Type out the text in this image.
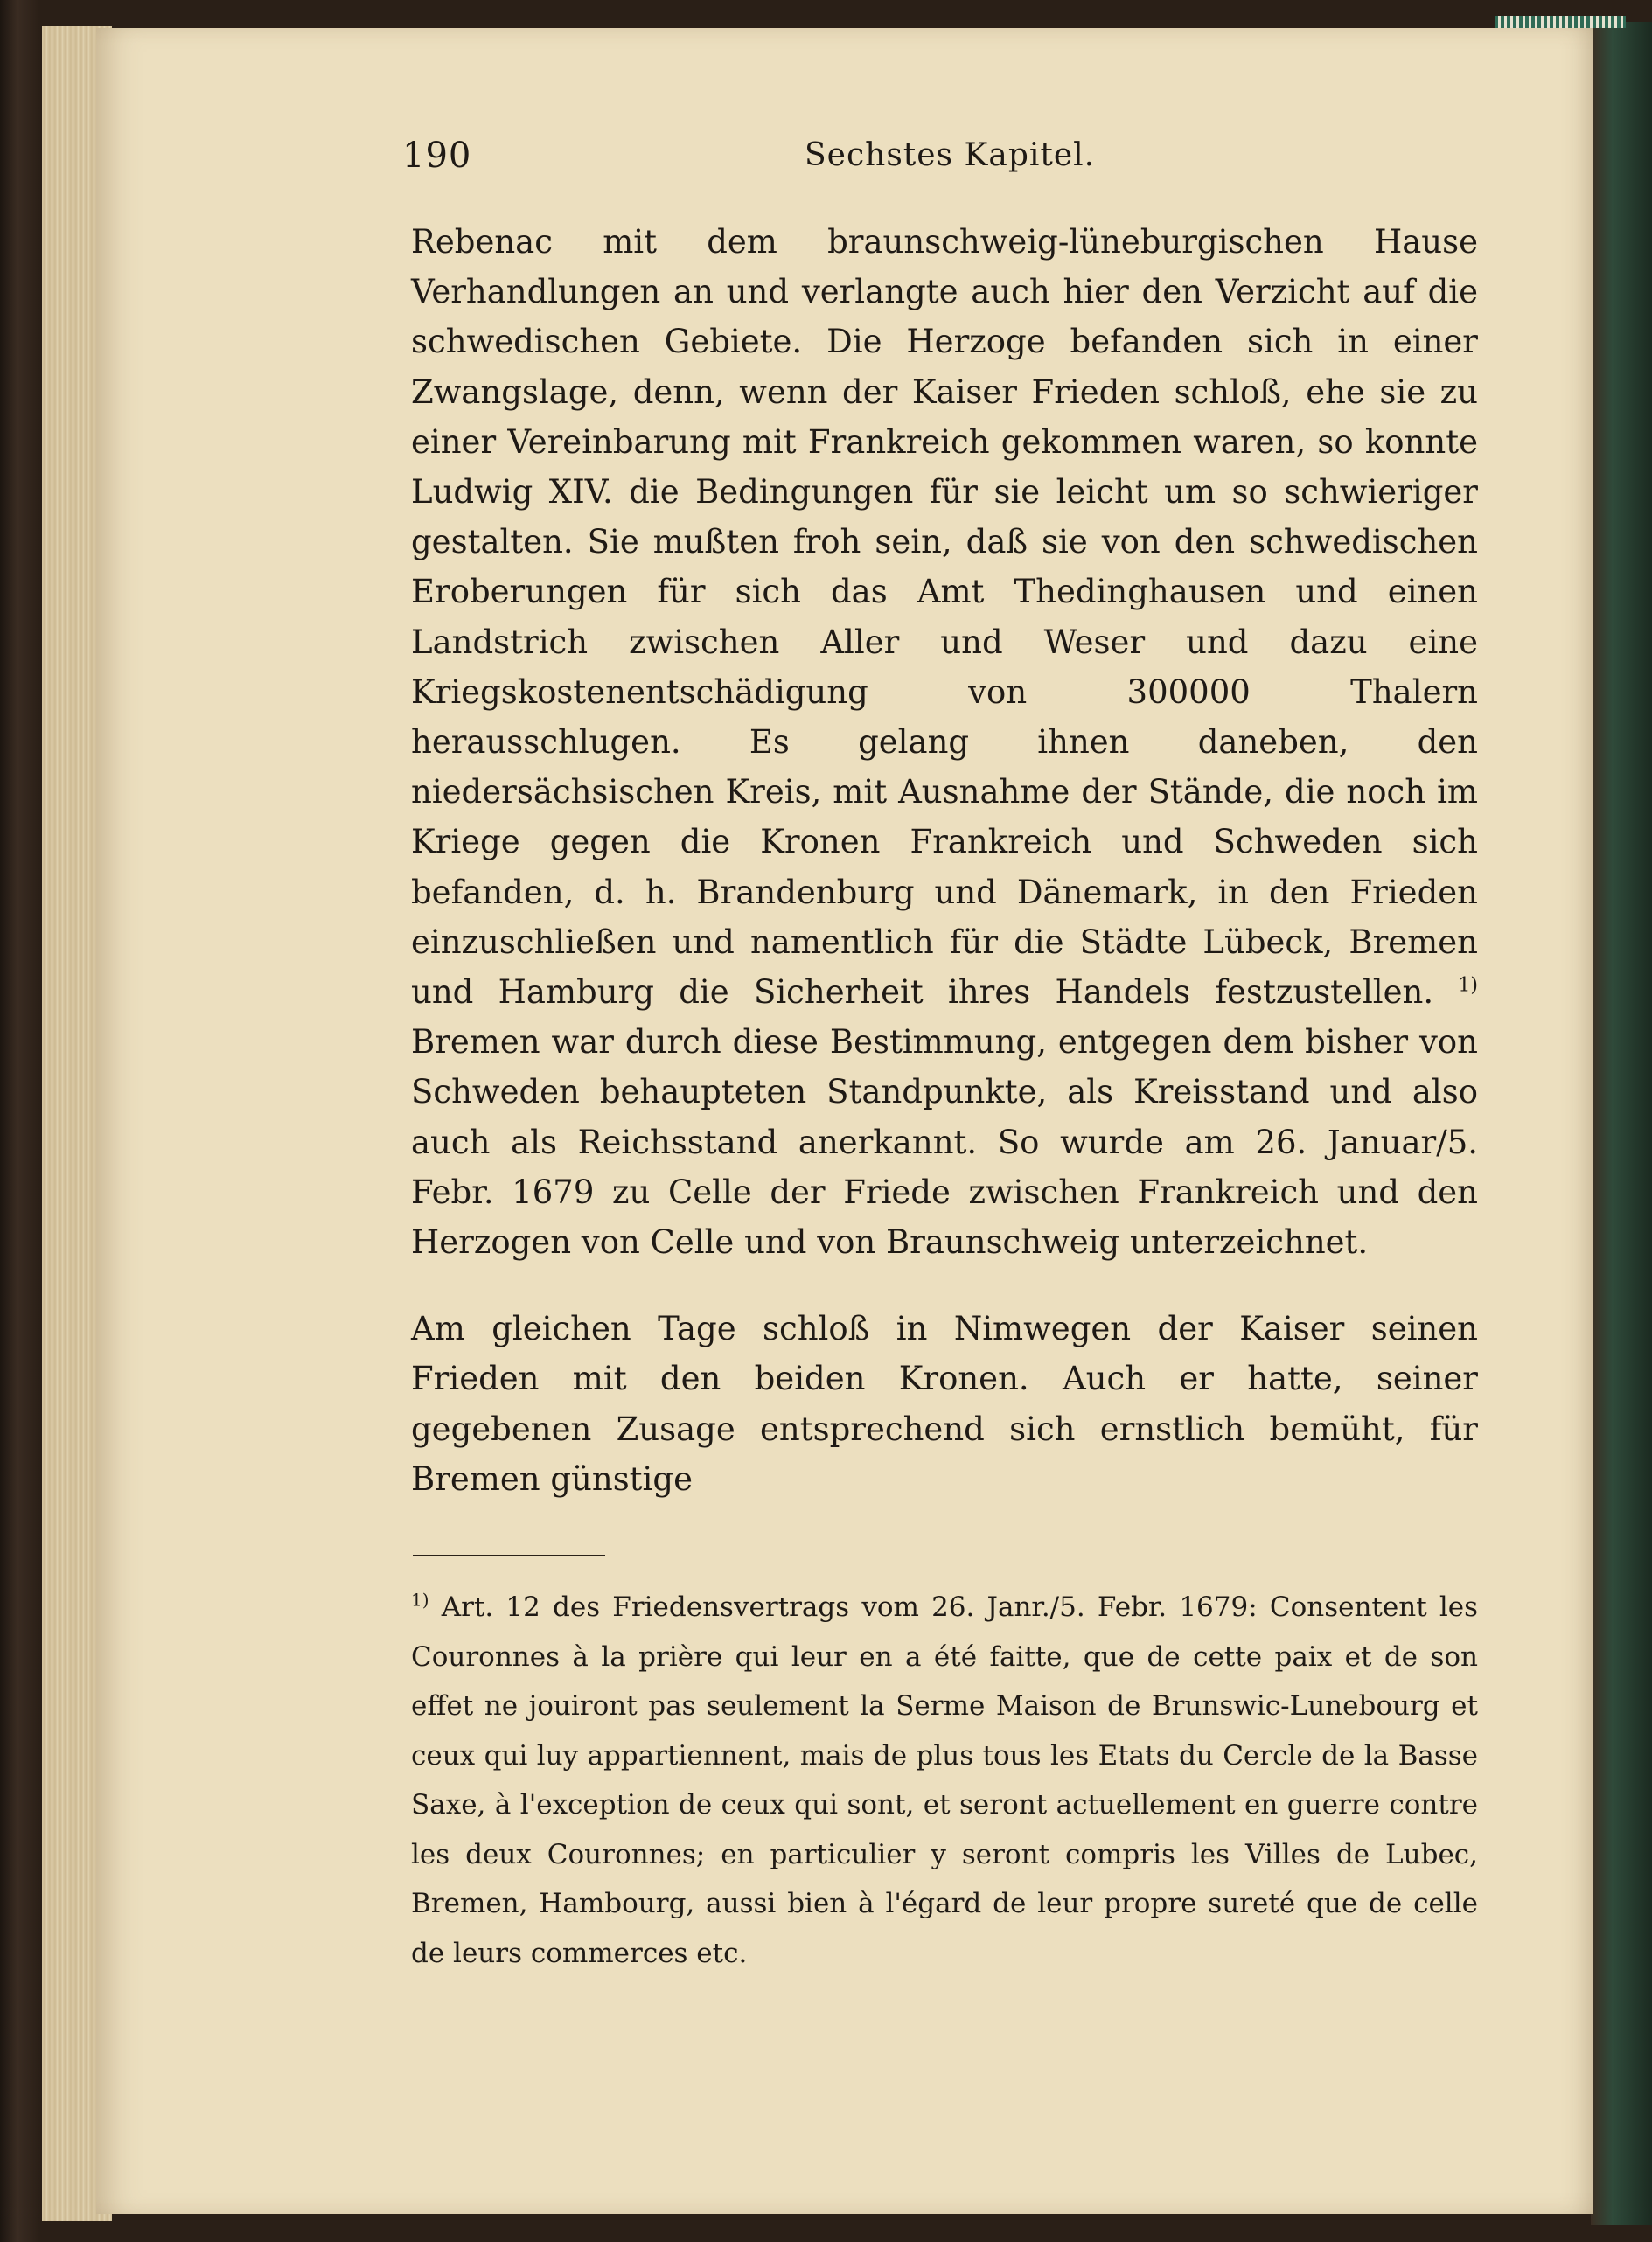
190	Sechstes Kapitel.

Rebenac mit dem braunschweig-lüneburgischen Hause Verhandlungen an und verlangte auch hier den Verzicht auf die schwedischen Gebiete. Die Herzoge befanden sich in einer Zwangslage, denn, wenn der Kaiser Frieden schloß, ehe sie zu einer Vereinbarung mit Frankreich gekommen waren, so konnte Ludwig XIV. die Bedingungen für sie leicht um so schwieriger gestalten. Sie mußten froh sein, daß sie von den schwedischen Eroberungen für sich das Amt Thedinghausen und einen Landstrich zwischen Aller und Weser und dazu eine Kriegskostenentschädigung von 300000 Thalern herausschlugen. Es gelang ihnen daneben, den niedersächsischen Kreis, mit Ausnahme der Stände, die noch im Kriege gegen die Kronen Frankreich und Schweden sich befanden, d. h. Brandenburg und Dänemark, in den Frieden einzuschließen und namentlich für die Städte Lübeck, Bremen und Hamburg die Sicherheit ihres Handels festzustellen. $^{1)}$ Bremen war durch diese Bestimmung, entgegen dem bisher von Schweden behaupteten Standpunkte, als Kreisstand und also auch als Reichsstand anerkannt. So wurde am 26. Januar/5. Febr. 1679 zu Celle der Friede zwischen Frankreich und den Herzogen von Celle und von Braunschweig unterzeichnet.

Am gleichen Tage schloß in Nimwegen der Kaiser seinen Frieden mit den beiden Kronen. Auch er hatte, seiner gegebenen Zusage entsprechend sich ernstlich bemüht, für Bremen günstige

$^{1)}$ Art. 12 des Friedensvertrags vom 26. Janr./5. Febr. 1679: Consentent les Couronnes à la prière qui leur en a été faitte, que de cette paix et de son effet ne jouiront pas seulement la Serme Maison de Brunswic-Lunebourg et ceux qui luy appartiennent, mais de plus tous les Etats du Cercle de la Basse Saxe, à l'exception de ceux qui sont, et seront actuellement en guerre contre les deux Couronnes; en particulier y seront compris les Villes de Lubec, Bremen, Hambourg, aussi bien à l'égard de leur propre sureté que de celle de leurs commerces etc.
